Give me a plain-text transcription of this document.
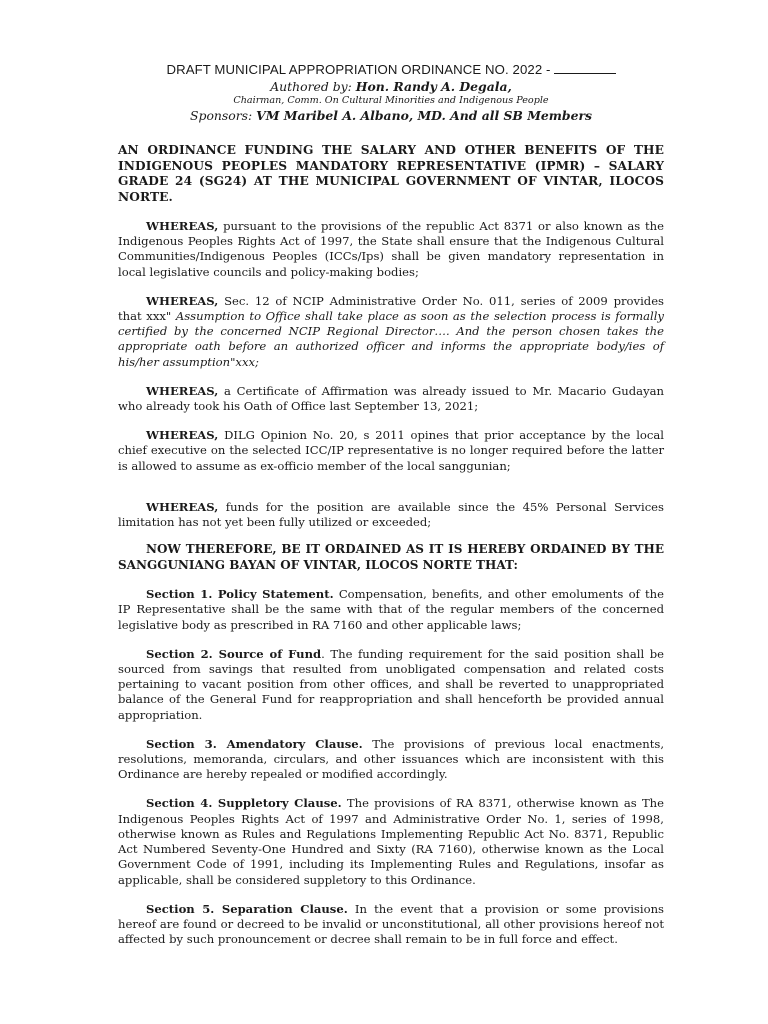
DRAFT MUNICIPAL APPROPRIATION ORDINANCE NO. 2022 -
Authored by: Hon. Randy A. Degala,
Chairman, Comm. On Cultural Minorities and Indigenous People
Sponsors: VM Maribel A. Albano, MD. And all SB Members
AN ORDINANCE FUNDING THE SALARY AND OTHER BENEFITS OF THE INDIGENOUS PEOPLES MANDATORY REPRESENTATIVE (IPMR) – SALARY GRADE 24 (SG24) AT THE MUNICIPAL GOVERNMENT OF VINTAR, ILOCOS NORTE.
WHEREAS, pursuant to the provisions of the republic Act 8371 or also known as the Indigenous Peoples Rights Act of 1997, the State shall ensure that the Indigenous Cultural Communities/Indigenous Peoples (ICCs/Ips) shall be given mandatory representation in local legislative councils and policy-making bodies;
WHEREAS, Sec. 12 of NCIP Administrative Order No. 011, series of 2009 provides that xxx" Assumption to Office shall take place as soon as the selection process is formally certified by the concerned NCIP Regional Director…. And the person chosen takes the appropriate oath before an authorized officer and informs the appropriate body/ies of his/her assumption"xxx;
WHEREAS, a Certificate of Affirmation was already issued to Mr. Macario Gudayan who already took his Oath of Office last September 13, 2021;
WHEREAS, DILG Opinion No. 20, s 2011 opines that prior acceptance by the local chief executive on the selected ICC/IP representative is no longer required before the latter is allowed to assume as ex-officio member of the local sanggunian;
WHEREAS, funds for the position are available since the 45% Personal Services limitation has not yet been fully utilized or exceeded;
NOW THEREFORE, BE IT ORDAINED AS IT IS HEREBY ORDAINED BY THE SANGGUNIANG BAYAN OF VINTAR, ILOCOS NORTE THAT:
Section 1. Policy Statement. Compensation, benefits, and other emoluments of the IP Representative shall be the same with that of the regular members of the concerned legislative body as prescribed in RA 7160 and other applicable laws;
Section 2. Source of Fund. The funding requirement for the said position shall be sourced from savings that resulted from unobligated compensation and related costs pertaining to vacant position from other offices, and shall be reverted to unappropriated balance of the General Fund for reappropriation and shall henceforth be provided annual appropriation.
Section 3. Amendatory Clause. The provisions of previous local enactments, resolutions, memoranda, circulars, and other issuances which are inconsistent with this Ordinance are hereby repealed or modified accordingly.
Section 4. Suppletory Clause. The provisions of RA 8371, otherwise known as The Indigenous Peoples Rights Act of 1997 and Administrative Order No. 1, series of 1998, otherwise known as Rules and Regulations Implementing Republic Act No. 8371, Republic Act Numbered Seventy-One Hundred and Sixty (RA 7160), otherwise known as the Local Government Code of 1991, including its Implementing Rules and Regulations, insofar as applicable, shall be considered suppletory to this Ordinance.
Section 5. Separation Clause. In the event that a provision or some provisions hereof are found or decreed to be invalid or unconstitutional, all other provisions hereof not affected by such pronouncement or decree shall remain to be in full force and effect.
